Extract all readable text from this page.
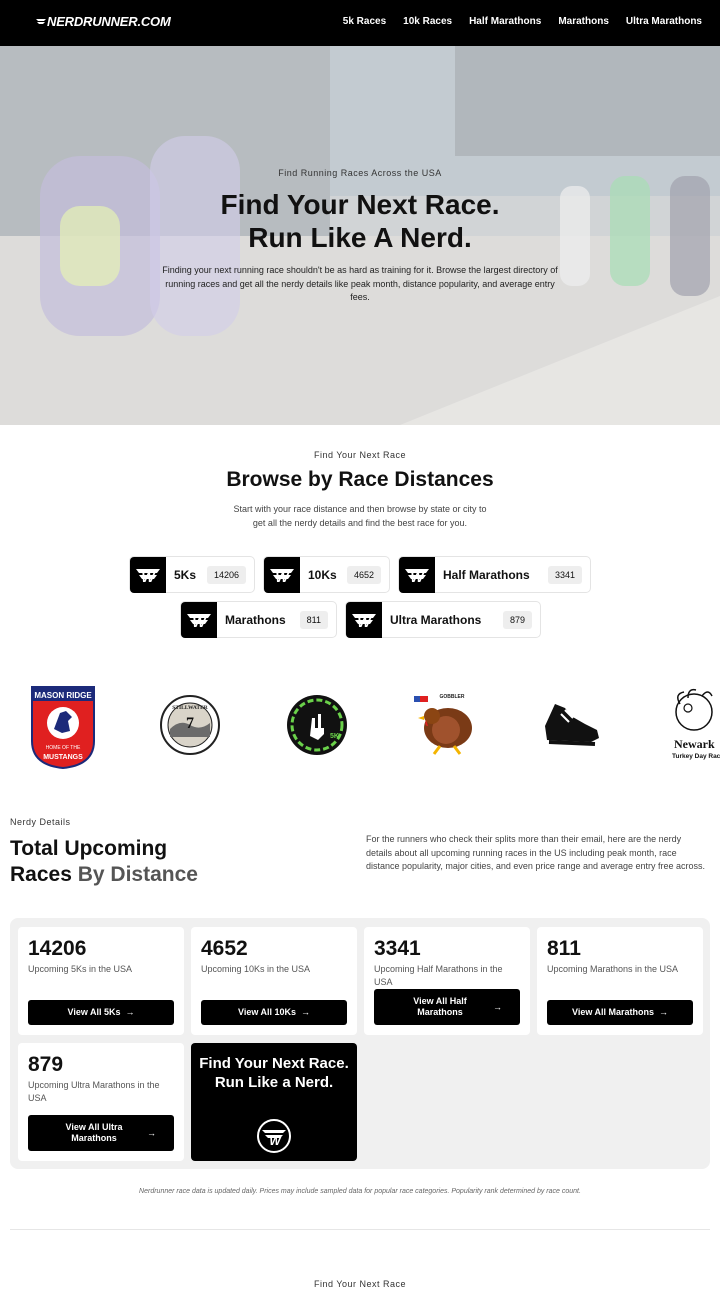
NERDRUNNER.COM	5k Races 10k Races Half Marathons Marathons Ultra Marathons
Find Running Races Across the USA
Find Your Next Race.
Run Like A Nerd.
Finding your next running race shouldn't be as hard as training for it. Browse the largest directory of running races and get all the nerdy details like peak month, distance popularity, and average entry fees.
Find Your Next Race
Browse by Race Distances
Start with your race distance and then browse by state or city to get all the nerdy details and find the best race for you.
W 5Ks	14206	W 10Ks	4652	W Half Marathons	3341
W Marathons	811	W Ultra Marathons	879
MASON RIDGE
HOME OF THE
MUSTANGS
STILLWATER
7
5K
GOBBLER
Newark
Turkey Day Rac
Nerdy Details
Total Upcoming
Races By Distance
For the runners who check their splits more than their email, here are the nerdy details about all upcoming running races in the US including peak month, race distance popularity, major cities, and even price range and average entry free across.
14206
Upcoming 5Ks in the USA
View All 5Ks →
4652
Upcoming 10Ks in the USA
View All 10Ks →
3341
Upcoming Half Marathons in the USA
View All Half Marathons
→
811
Upcoming Marathons in the USA
View All Marathons →
879
Upcoming Ultra Marathons in the USA
View All Ultra Marathons
→
Find Your Next Race. Run Like a Nerd.
W
Nerdrunner race data is updated daily. Prices may include sampled data for popular race categories. Popularity rank determined by race count.
Find Your Next Race
